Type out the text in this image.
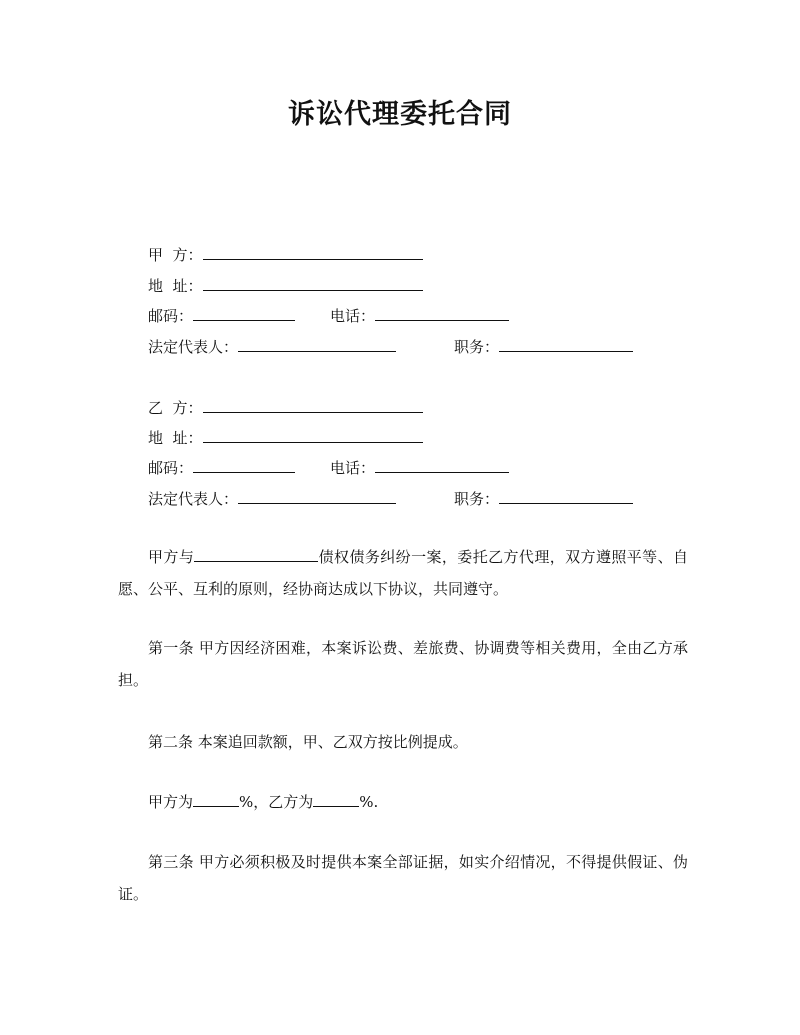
诉讼代理委托合同
甲  方：
地  址：
邮码：	电话：
法定代表人：	职务：
乙  方：
地  址：
邮码：	电话：
法定代表人：	职务：
甲方与	债权债务纠纷一案，委托乙方代理，双方遵照平等、自愿、公平、互利的原则，经协商达成以下协议，共同遵守。
第一条 甲方因经济困难，本案诉讼费、差旅费、协调费等相关费用，全由乙方承担。
第二条 本案追回款额，甲、乙双方按比例提成。
甲方为	%，乙方为	%.
第三条 甲方必须积极及时提供本案全部证据，如实介绍情况，不得提供假证、伪证。
